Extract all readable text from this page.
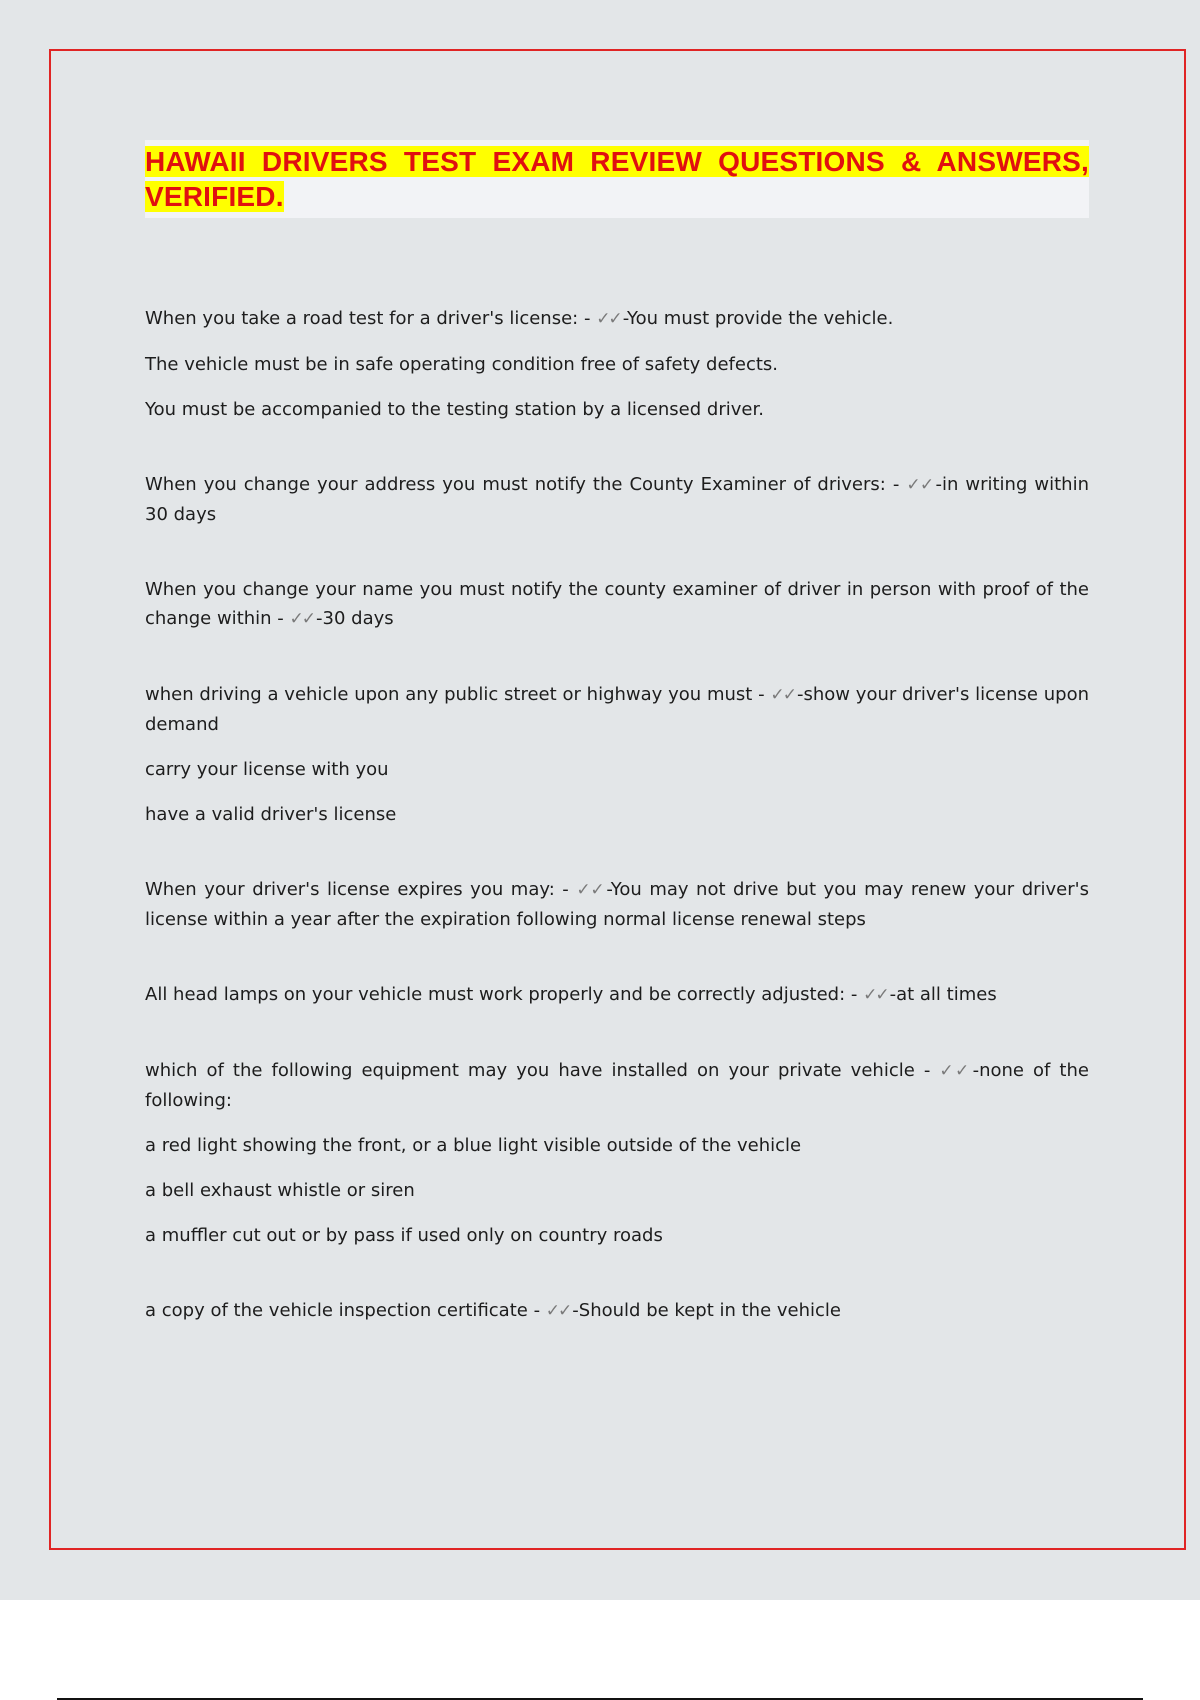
HAWAII DRIVERS TEST EXAM REVIEW QUESTIONS & ANSWERS, VERIFIED.

When you take a road test for a driver's license: - ✓✓ -You must provide the vehicle.

The vehicle must be in safe operating condition free of safety defects.

You must be accompanied to the testing station by a licensed driver.

When you change your address you must notify the County Examiner of drivers: - ✓✓ -in writing within 30 days

When you change your name you must notify the county examiner of driver in person with proof of the change within - ✓✓ -30 days

when driving a vehicle upon any public street or highway you must - ✓✓ -show your driver's license upon demand

carry your license with you

have a valid driver's license

When your driver's license expires you may: - ✓✓ -You may not drive but you may renew your driver's license within a year after the expiration following normal license renewal steps

All head lamps on your vehicle must work properly and be correctly adjusted: - ✓✓ -at all times

which of the following equipment may you have installed on your private vehicle - ✓✓ -none of the following:

a red light showing the front, or a blue light visible outside of the vehicle

a bell exhaust whistle or siren

a muffler cut out or by pass if used only on country roads

a copy of the vehicle inspection certificate - ✓✓ -Should be kept in the vehicle
